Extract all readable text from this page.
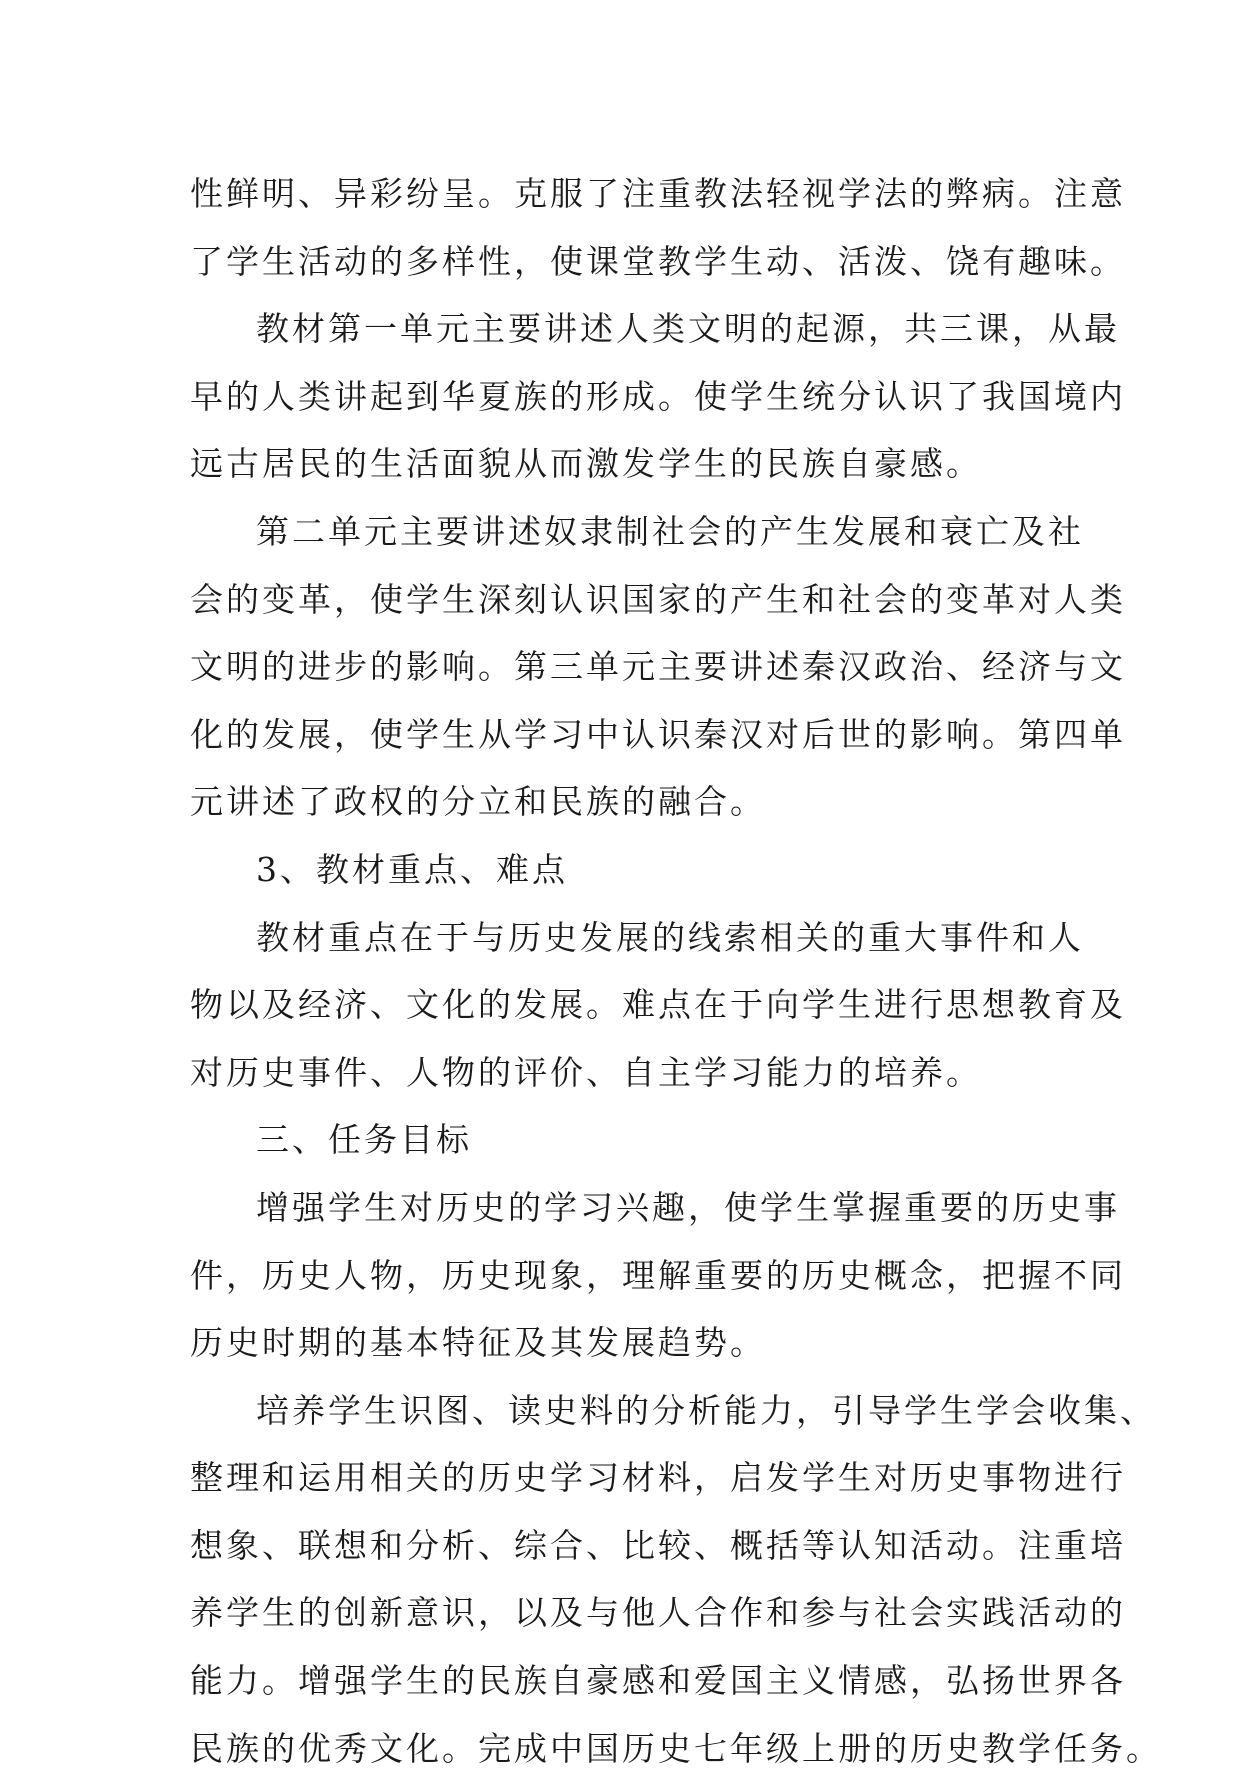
性鲜明、异彩纷呈。克服了注重教法轻视学法的弊病。注意

了学生活动的多样性，使课堂教学生动、活泼、饶有趣味。

教材第一单元主要讲述人类文明的起源，共三课，从最

早的人类讲起到华夏族的形成。使学生统分认识了我国境内

远古居民的生活面貌从而激发学生的民族自豪感。

第二单元主要讲述奴隶制社会的产生发展和衰亡及社

会的变革，使学生深刻认识国家的产生和社会的变革对人类

文明的进步的影响。第三单元主要讲述秦汉政治、经济与文

化的发展，使学生从学习中认识秦汉对后世的影响。第四单

元讲述了政权的分立和民族的融合。

3、教材重点、难点

教材重点在于与历史发展的线索相关的重大事件和人

物以及经济、文化的发展。难点在于向学生进行思想教育及

对历史事件、人物的评价、自主学习能力的培养。

三、任务目标

增强学生对历史的学习兴趣，使学生掌握重要的历史事

件，历史人物，历史现象，理解重要的历史概念，把握不同

历史时期的基本特征及其发展趋势。

培养学生识图、读史料的分析能力，引导学生学会收集、

整理和运用相关的历史学习材料，启发学生对历史事物进行

想象、联想和分析、综合、比较、概括等认知活动。注重培

养学生的创新意识，以及与他人合作和参与社会实践活动的

能力。增强学生的民族自豪感和爱国主义情感，弘扬世界各

民族的优秀文化。完成中国历史七年级上册的历史教学任务。
